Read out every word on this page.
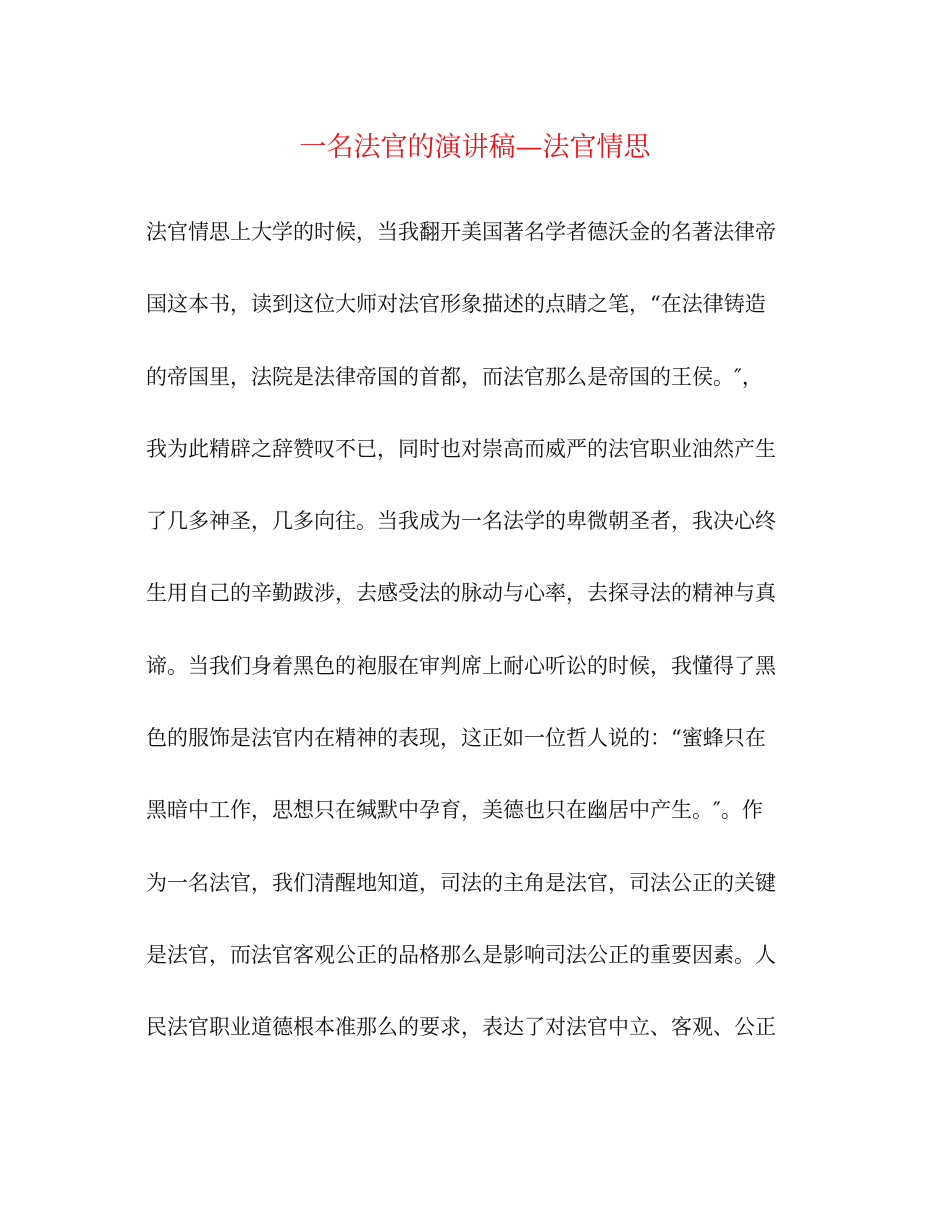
一名法官的演讲稿—法官情思
法官情思上大学的时候，当我翻开美国著名学者德沃金的名著法律帝
国这本书，读到这位大师对法官形象描述的点睛之笔，“在法律铸造
的帝国里，法院是法律帝国的首都，而法官那么是帝国的王侯。″，
我为此精辟之辞赞叹不已，同时也对崇高而威严的法官职业油然产生
了几多神圣，几多向往。当我成为一名法学的卑微朝圣者，我决心终
生用自己的辛勤跋涉，去感受法的脉动与心率，去探寻法的精神与真
谛。当我们身着黑色的袍服在审判席上耐心听讼的时候，我懂得了黑
色的服饰是法官内在精神的表现，这正如一位哲人说的：“蜜蜂只在
黑暗中工作，思想只在缄默中孕育，美德也只在幽居中产生。″。作
为一名法官，我们清醒地知道，司法的主角是法官，司法公正的关键
是法官，而法官客观公正的品格那么是影响司法公正的重要因素。人
民法官职业道德根本准那么的要求，表达了对法官中立、客观、公正
